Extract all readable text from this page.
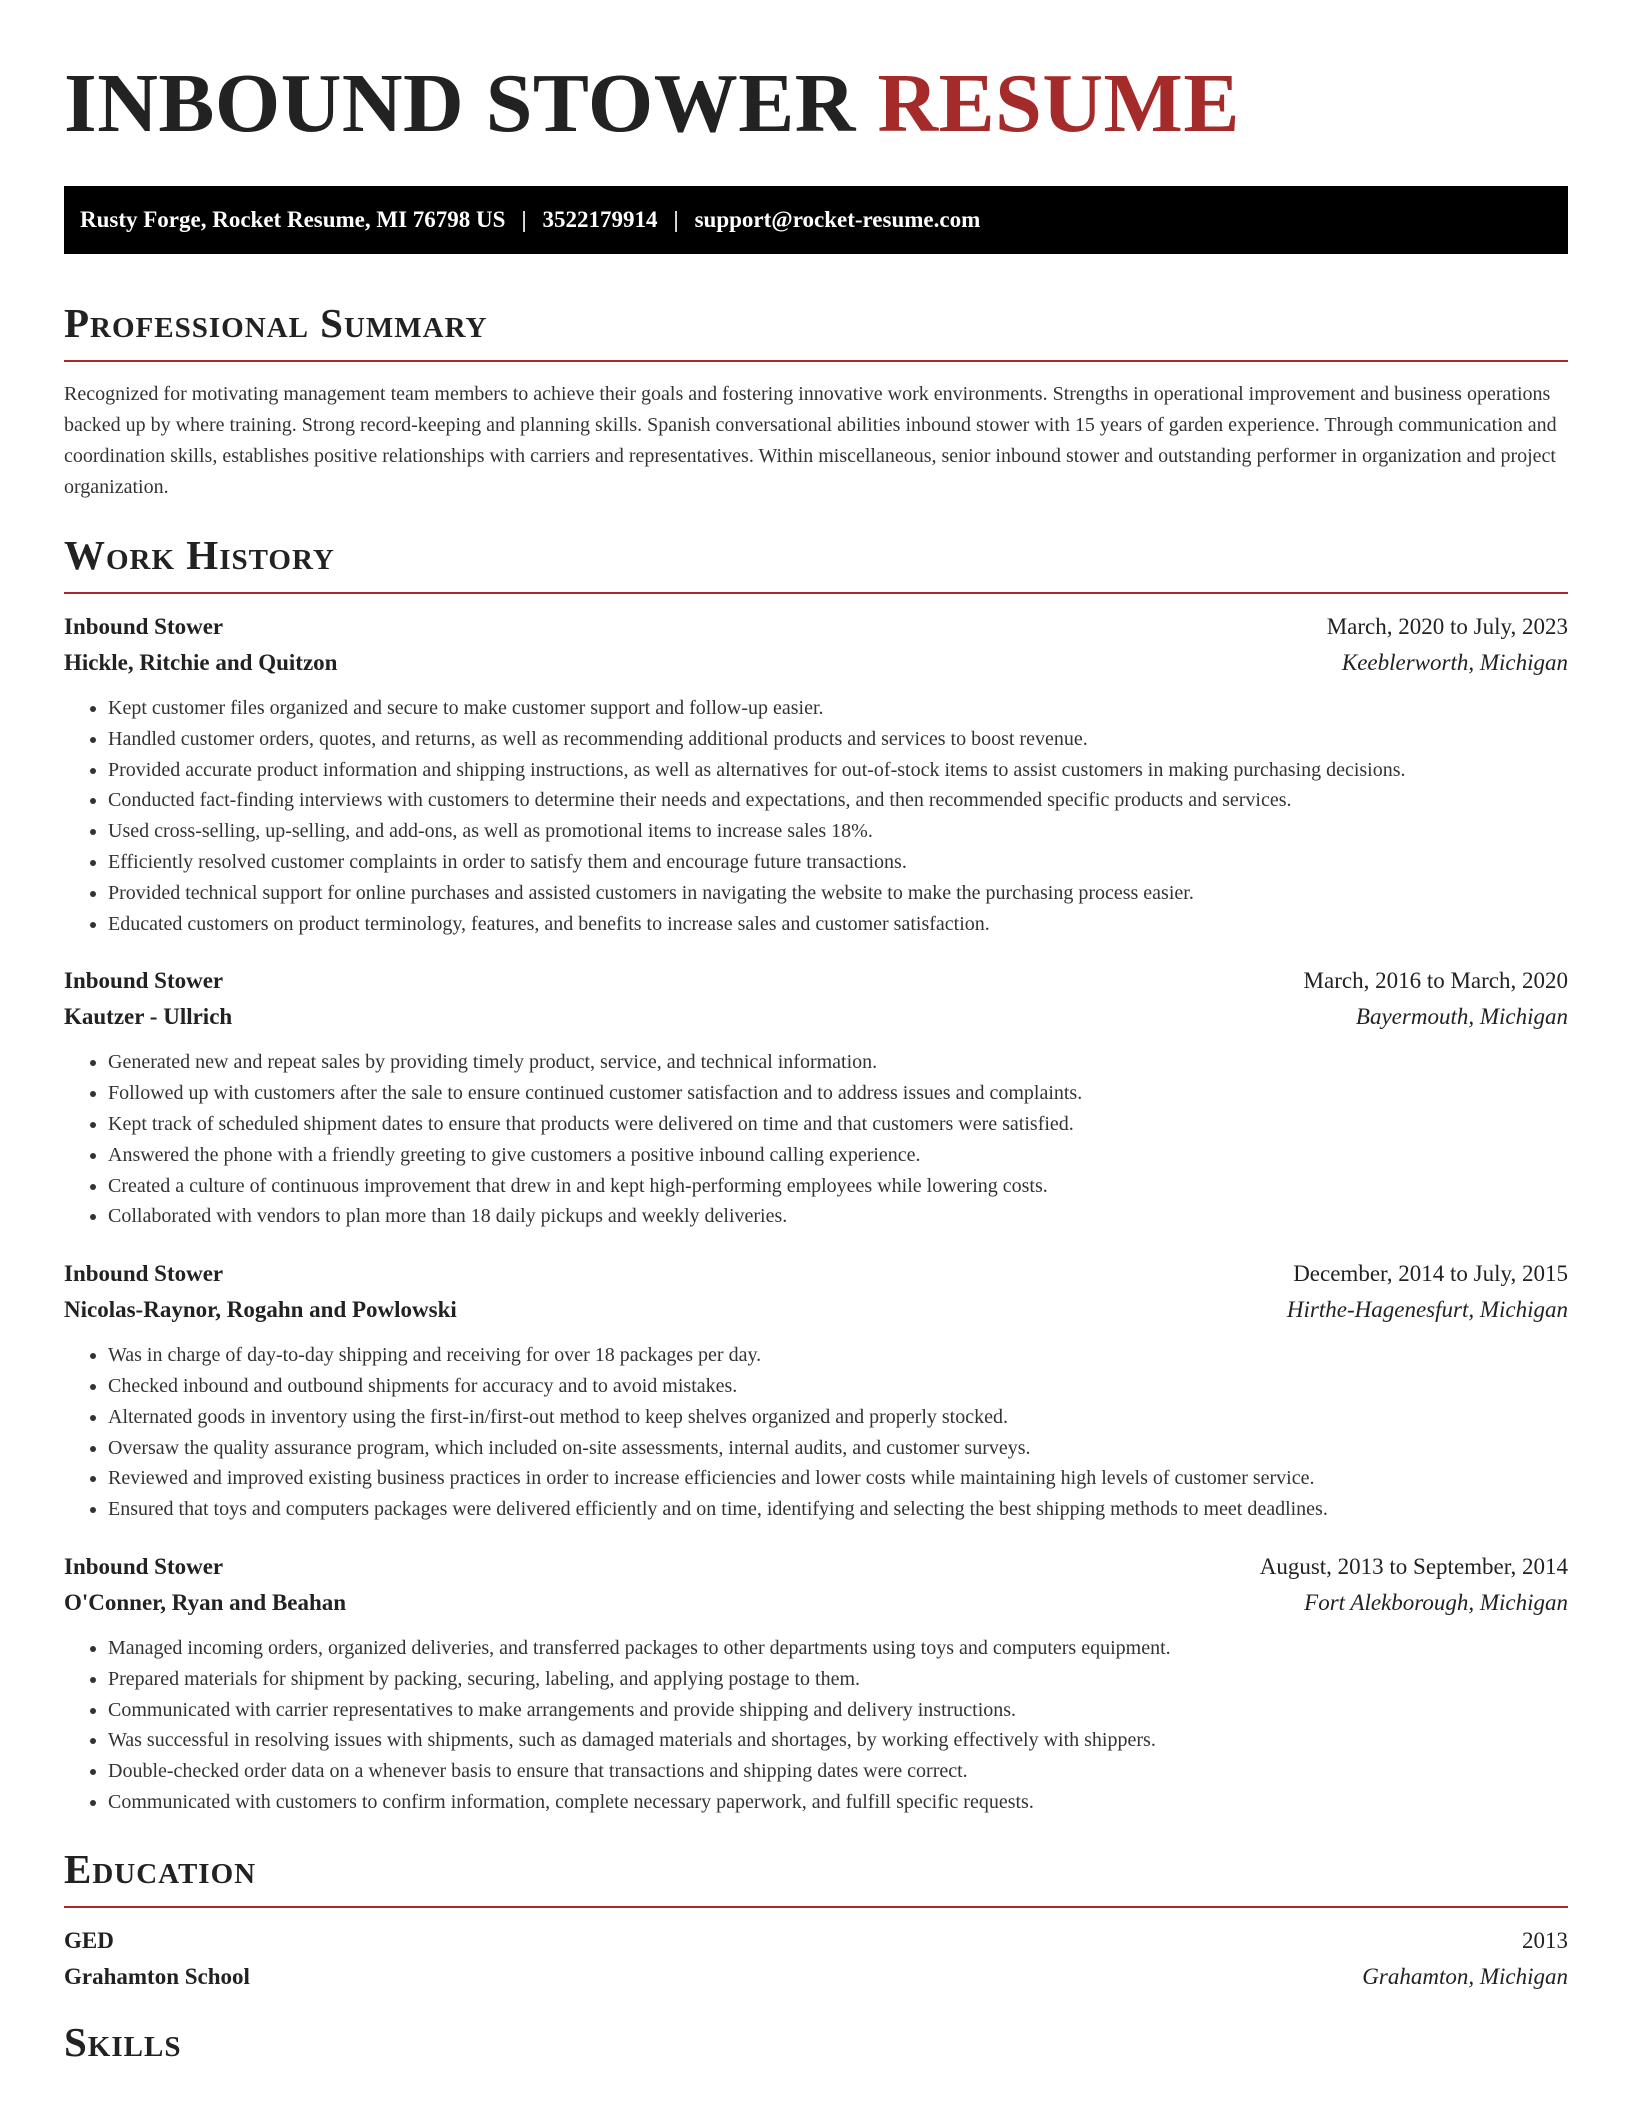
INBOUND STOWER RESUME
Rusty Forge, Rocket Resume, MI 76798 US | 3522179914 | support@rocket-resume.com
Professional Summary

Recognized for motivating management team members to achieve their goals and fostering innovative work environments. Strengths in operational improvement and business operations backed up by where training. Strong record-keeping and planning skills. Spanish conversational abilities inbound stower with 15 years of garden experience. Through communication and coordination skills, establishes positive relationships with carriers and representatives. Within miscellaneous, senior inbound stower and outstanding performer in organization and project organization.

Work History
Inbound Stower	March, 2020 to July, 2023
Hickle, Ritchie and Quitzon	Keeblerworth, Michigan
• Kept customer files organized and secure to make customer support and follow-up easier.
• Handled customer orders, quotes, and returns, as well as recommending additional products and services to boost revenue.
• Provided accurate product information and shipping instructions, as well as alternatives for out-of-stock items to assist customers in making purchasing decisions.
• Conducted fact-finding interviews with customers to determine their needs and expectations, and then recommended specific products and services.
• Used cross-selling, up-selling, and add-ons, as well as promotional items to increase sales 18%.
• Efficiently resolved customer complaints in order to satisfy them and encourage future transactions.
• Provided technical support for online purchases and assisted customers in navigating the website to make the purchasing process easier.
• Educated customers on product terminology, features, and benefits to increase sales and customer satisfaction.
Inbound Stower	March, 2016 to March, 2020
Kautzer - Ullrich	Bayermouth, Michigan
• Generated new and repeat sales by providing timely product, service, and technical information.
• Followed up with customers after the sale to ensure continued customer satisfaction and to address issues and complaints.
• Kept track of scheduled shipment dates to ensure that products were delivered on time and that customers were satisfied.
• Answered the phone with a friendly greeting to give customers a positive inbound calling experience.
• Created a culture of continuous improvement that drew in and kept high-performing employees while lowering costs.
• Collaborated with vendors to plan more than 18 daily pickups and weekly deliveries.
Inbound Stower	December, 2014 to July, 2015
Nicolas-Raynor, Rogahn and Powlowski	Hirthe-Hagenesfurt, Michigan
• Was in charge of day-to-day shipping and receiving for over 18 packages per day.
• Checked inbound and outbound shipments for accuracy and to avoid mistakes.
• Alternated goods in inventory using the first-in/first-out method to keep shelves organized and properly stocked.
• Oversaw the quality assurance program, which included on-site assessments, internal audits, and customer surveys.
• Reviewed and improved existing business practices in order to increase efficiencies and lower costs while maintaining high levels of customer service.
• Ensured that toys and computers packages were delivered efficiently and on time, identifying and selecting the best shipping methods to meet deadlines.
Inbound Stower	August, 2013 to September, 2014
O'Conner, Ryan and Beahan	Fort Alekborough, Michigan
• Managed incoming orders, organized deliveries, and transferred packages to other departments using toys and computers equipment.
• Prepared materials for shipment by packing, securing, labeling, and applying postage to them.
• Communicated with carrier representatives to make arrangements and provide shipping and delivery instructions.
• Was successful in resolving issues with shipments, such as damaged materials and shortages, by working effectively with shippers.
• Double-checked order data on a whenever basis to ensure that transactions and shipping dates were correct.
• Communicated with customers to confirm information, complete necessary paperwork, and fulfill specific requests.
Education
GED	2013
Grahamton School	Grahamton, Michigan
Skills
